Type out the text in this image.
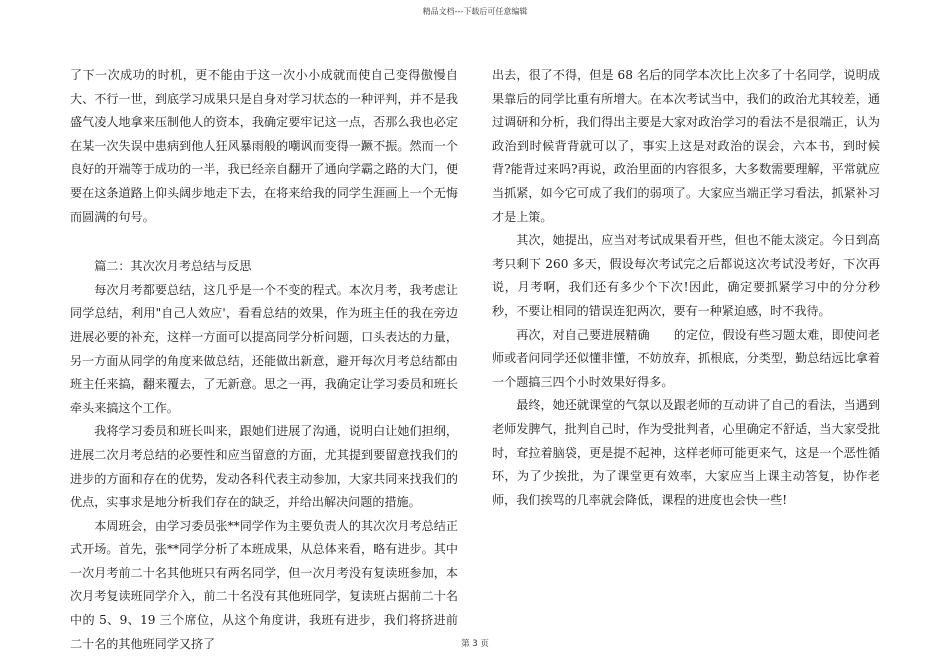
精品文档---下载后可任意编辑

了下一次成功的时机，更不能由于这一次小小成就而使自己变得傲慢自大、不行一世，到底学习成果只是自身对学习状态的一种评判，并不是我盛气凌人地拿来压制他人的资本，我确定要牢记这一点，否那么我也必定在某一次失误中患病到他人狂风暴雨般的嘲讽而变得一蹶不振。然而一个良好的开端等于成功的一半，我已经亲自翻开了通向学霸之路的大门，便要在这条道路上仰头阔步地走下去，在将来给我的同学生涯画上一个无悔而圆满的句号。

篇二：其次次月考总结与反思

每次月考都要总结，这几乎是一个不变的程式。本次月考，我考虑让同学总结，利用"自己人效应'，看看总结的效果，作为班主任的我在旁边进展必要的补充，这样一方面可以提高同学分析问题，口头表达的力量，另一方面从同学的角度来做总结，还能做出新意，避开每次月考总结都由班主任来搞，翻来覆去，了无新意。思之一再，我确定让学习委员和班长牵头来搞这个工作。

我将学习委员和班长叫来，跟她们进展了沟通，说明白让她们担纲，进展二次月考总结的必要性和应当留意的方面，尤其提到要留意找我们的进步的方面和存在的优势，发动各科代表主动参加，大家共同来找我们的优点，实事求是地分析我们存在的缺乏，并给出解决问题的措施。

本周班会，由学习委员张**同学作为主要负责人的其次次月考总结正式开场。首先，张**同学分析了本班成果，从总体来看，略有进步。其中一次月考前二十名其他班只有两名同学，但一次月考没有复读班参加，本次月考复读班同学介入，前二十名没有其他班同学，复读班占据前二十名中的 5、9、19 三个席位，从这个角度讲，我班有进步，我们将挤进前二十名的其他班同学又挤了

出去，很了不得，但是 68 名后的同学本次比上次多了十名同学，说明成果靠后的同学比重有所增大。在本次考试当中，我们的政治尤其较差，通过调研和分析，我们得出主要是大家对政治学习的看法不是很端正，认为政治到时候背背就可以了，事实上这是对政治的误会，六本书，到时候背?能背过来吗?再说，政治里面的内容很多，大多数需要理解，平常就应当抓紧，如今它可成了我们的弱项了。大家应当端正学习看法，抓紧补习才是上策。

其次，她提出，应当对考试成果看开些，但也不能太淡定。今日到高考只剩下 260 多天，假设每次考试完之后都说这次考试没考好，下次再说，月考啊，我们还有多少个下次!因此，确定要抓紧学习中的分分秒秒，不要让相同的错误连犯两次，要有一种紧迫感，时不我待。

再次，对自己要进展精确　　的定位，假设有些习题太难，即使问老师或者问同学还似懂非懂，不妨放弃，抓根底，分类型，勤总结远比拿着一个题搞三四个小时效果好得多。

最终，她还就课堂的气氛以及跟老师的互动讲了自己的看法，当遇到老师发脾气，批判自己时，作为受批判者，心里确定不舒适，当大家受批时，耷拉着脑袋，更是提不起神，这样老师可能更来气，这是一个恶性循环，为了少挨批，为了课堂更有效率，大家应当上课主动答复，协作老师，我们挨骂的几率就会降低，课程的进度也会快一些!

第 3 页
